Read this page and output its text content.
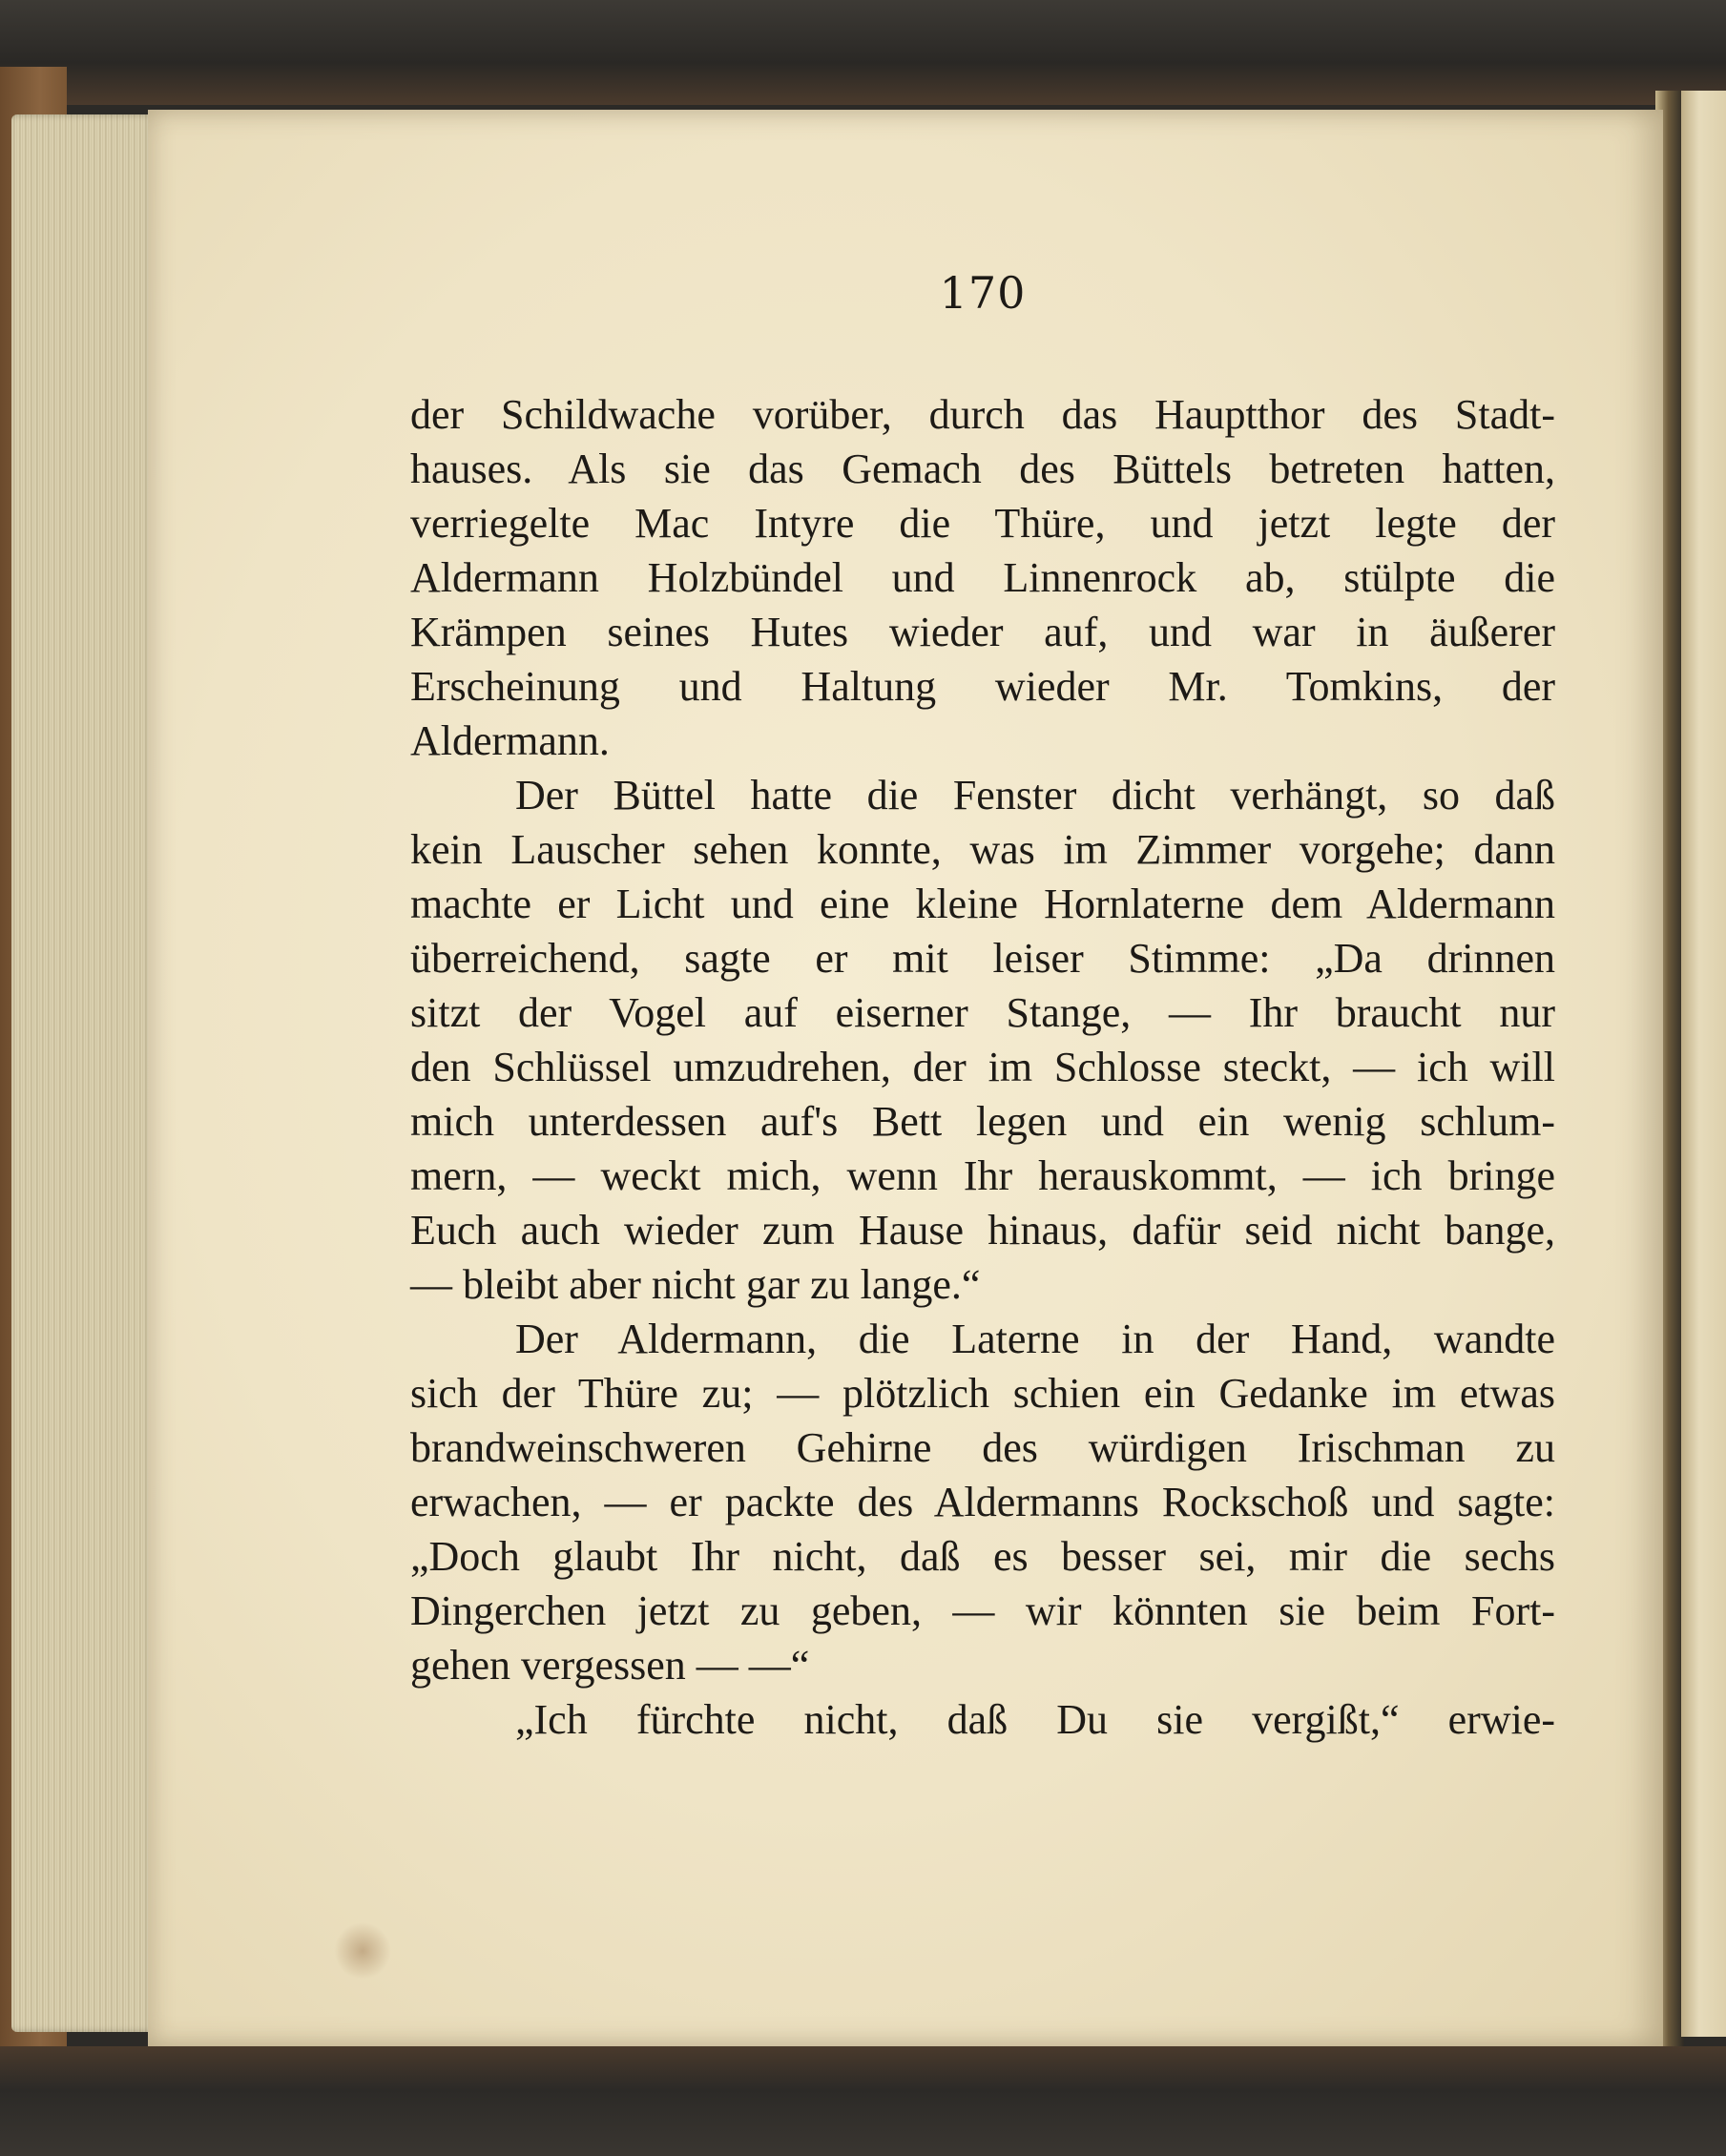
170
der Schildwache vorüber, durch das Hauptthor des Stadt-
hauses. Als sie das Gemach des Büttels betreten hatten,
verriegelte Mac Intyre die Thüre, und jetzt legte der
Aldermann Holzbündel und Linnenrock ab, stülpte die
Krämpen seines Hutes wieder auf, und war in äußerer
Erscheinung und Haltung wieder Mr. Tomkins, der
Aldermann.
Der Büttel hatte die Fenster dicht verhängt, so daß
kein Lauscher sehen konnte, was im Zimmer vorgehe; dann
machte er Licht und eine kleine Hornlaterne dem Aldermann
überreichend, sagte er mit leiser Stimme: „Da drinnen
sitzt der Vogel auf eiserner Stange, — Ihr braucht nur
den Schlüssel umzudrehen, der im Schlosse steckt, — ich will
mich unterdessen auf's Bett legen und ein wenig schlum-
mern, — weckt mich, wenn Ihr herauskommt, — ich bringe
Euch auch wieder zum Hause hinaus, dafür seid nicht bange,
— bleibt aber nicht gar zu lange.“
Der Aldermann, die Laterne in der Hand, wandte
sich der Thüre zu; — plötzlich schien ein Gedanke im etwas
brandweinschweren Gehirne des würdigen Irischman zu
erwachen, — er packte des Aldermanns Rockschoß und sagte:
„Doch glaubt Ihr nicht, daß es besser sei, mir die sechs
Dingerchen jetzt zu geben, — wir könnten sie beim Fort-
gehen vergessen — —“
„Ich fürchte nicht, daß Du sie vergißt,“ erwie-
